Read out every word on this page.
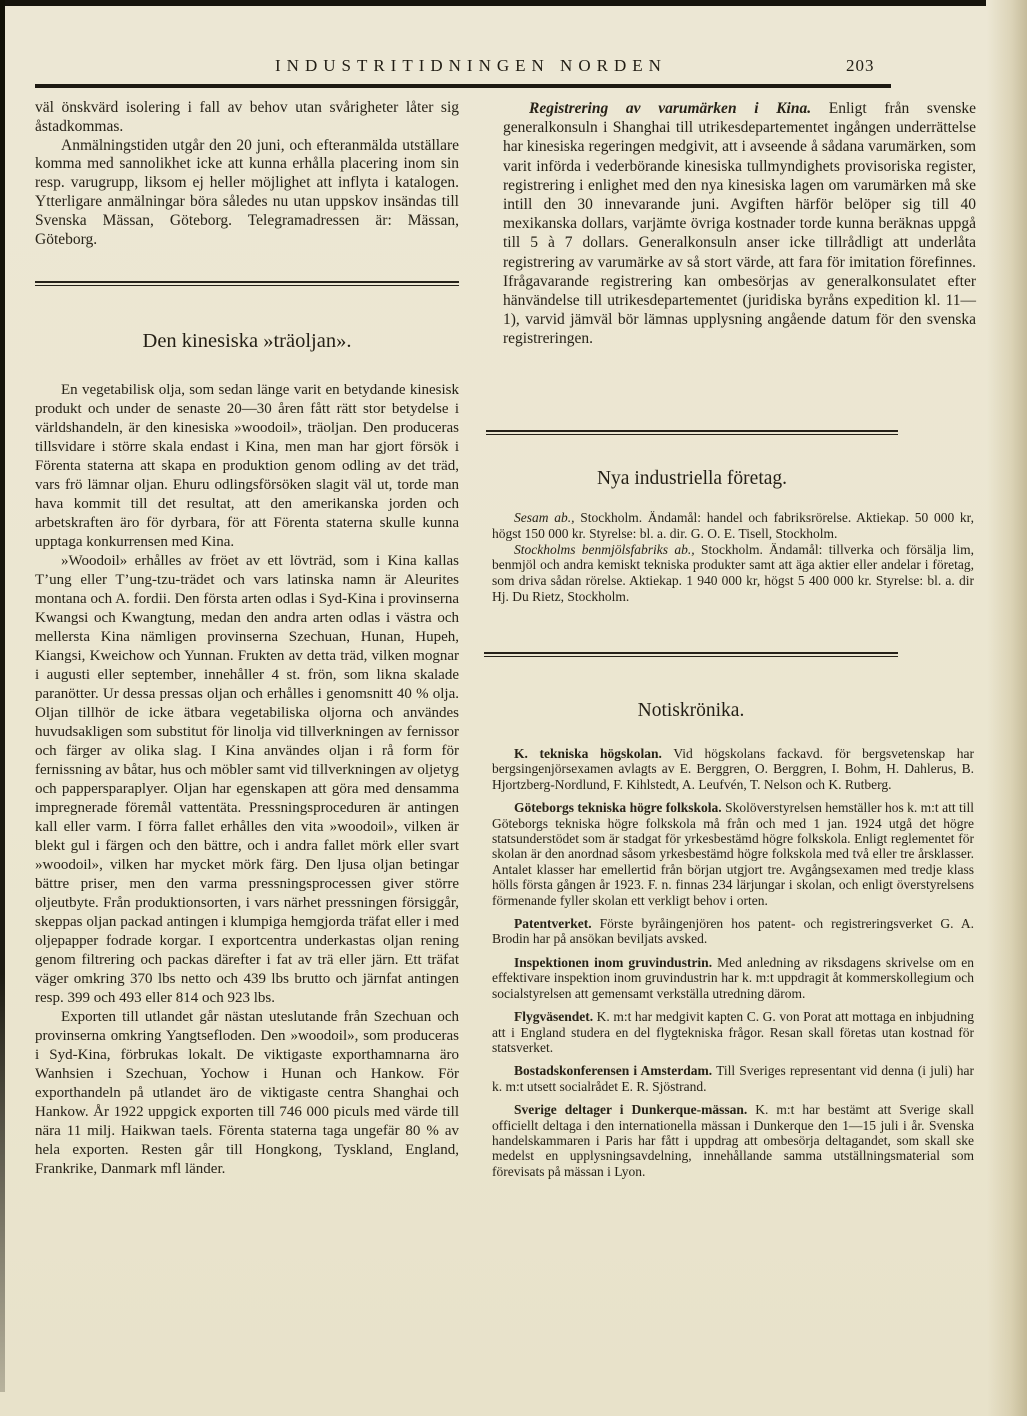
INDUSTRITIDNINGEN NORDEN	203

väl önskvärd isolering i fall av behov utan svårigheter låter sig åstadkommas.

Anmälningstiden utgår den 20 juni, och efteranmälda utställare komma med sannolikhet icke att kunna erhålla placering inom sin resp. varugrupp, liksom ej heller möjlighet att inflyta i katalogen. Ytterligare anmälningar böra således nu utan uppskov insändas till Svenska Mässan, Göteborg. Telegramadressen är: Mässan, Göteborg.

Den kinesiska »träoljan».

En vegetabilisk olja, som sedan länge varit en betydande kinesisk produkt och under de senaste 20—30 åren fått rätt stor betydelse i världshandeln, är den kinesiska »woodoil», träoljan. Den produceras tillsvidare i större skala endast i Kina, men man har gjort försök i Förenta staterna att skapa en produktion genom odling av det träd, vars frö lämnar oljan. Ehuru odlingsförsöken slagit väl ut, torde man hava kommit till det resultat, att den amerikanska jorden och arbetskraften äro för dyrbara, för att Förenta staterna skulle kunna upptaga konkurrensen med Kina.

»Woodoil» erhålles av fröet av ett lövträd, som i Kina kallas T’ung eller T’ung-tzu-trädet och vars latinska namn är Aleurites montana och A. fordii. Den första arten odlas i Syd-Kina i provinserna Kwangsi och Kwangtung, medan den andra arten odlas i västra och mellersta Kina nämligen provinserna Szechuan, Hunan, Hupeh, Kiangsi, Kweichow och Yunnan. Frukten av detta träd, vilken mognar i augusti eller september, innehåller 4 st. frön, som likna skalade paranötter. Ur dessa pressas oljan och erhålles i genomsnitt 40 % olja. Oljan tillhör de icke ätbara vegetabiliska oljorna och användes huvudsakligen som substitut för linolja vid tillverkningen av fernissor och färger av olika slag. I Kina användes oljan i rå form för fernissning av båtar, hus och möbler samt vid tillverkningen av oljetyg och pappersparaplyer. Oljan har egenskapen att göra med densamma impregnerade föremål vattentäta. Pressningsproceduren är antingen kall eller varm. I förra fallet erhålles den vita »woodoil», vilken är blekt gul i färgen och den bättre, och i andra fallet mörk eller svart »woodoil», vilken har mycket mörk färg. Den ljusa oljan betingar bättre priser, men den varma pressningsprocessen giver större oljeutbyte. Från produktionsorten, i vars närhet pressningen försiggår, skeppas oljan packad antingen i klumpiga hemgjorda träfat eller i med oljepapper fodrade korgar. I exportcentra underkastas oljan rening genom filtrering och packas därefter i fat av trä eller järn. Ett träfat väger omkring 370 lbs netto och 439 lbs brutto och järnfat antingen resp. 399 och 493 eller 814 och 923 lbs.

Exporten till utlandet går nästan uteslutande från Szechuan och provinserna omkring Yangtsefloden. Den »woodoil», som produceras i Syd-Kina, förbrukas lokalt. De viktigaste exporthamnarna äro Wanhsien i Szechuan, Yochow i Hunan och Hankow. För exporthandeln på utlandet äro de viktigaste centra Shanghai och Hankow. År 1922 uppgick exporten till 746 000 piculs med värde till nära 11 milj. Haikwan taels. Förenta staterna taga ungefär 80 % av hela exporten. Resten går till Hongkong, Tyskland, England, Frankrike, Danmark mfl länder.

Registrering av varumärken i Kina. Enligt från svenske generalkonsuln i Shanghai till utrikesdepartementet ingången underrättelse har kinesiska regeringen medgivit, att i avseende å sådana varumärken, som varit införda i vederbörande kinesiska tullmyndighets provisoriska register, registrering i enlighet med den nya kinesiska lagen om varumärken må ske intill den 30 innevarande juni. Avgiften härför belöper sig till 40 mexikanska dollars, varjämte övriga kostnader torde kunna beräknas uppgå till 5 à 7 dollars. Generalkonsuln anser icke tillrådligt att underlåta registrering av varumärke av så stort värde, att fara för imitation förefinnes. Ifrågavarande registrering kan ombesörjas av generalkonsulatet efter hänvändelse till utrikesdepartementet (juridiska byråns expedition kl. 11—1), varvid jämväl bör lämnas upplysning angående datum för den svenska registreringen.

Nya industriella företag.

Sesam ab., Stockholm. Ändamål: handel och fabriksrörelse. Aktiekap. 50 000 kr, högst 150 000 kr. Styrelse: bl. a. dir. G. O. E. Tisell, Stockholm.

Stockholms benmjölsfabriks ab., Stockholm. Ändamål: tillverka och försälja lim, benmjöl och andra kemiskt tekniska produkter samt att äga aktier eller andelar i företag, som driva sådan rörelse. Aktiekap. 1 940 000 kr, högst 5 400 000 kr. Styrelse: bl. a. dir Hj. Du Rietz, Stockholm.

Notiskrönika.

K. tekniska högskolan. Vid högskolans fackavd. för bergsvetenskap har bergsingenjörsexamen avlagts av E. Berggren, O. Berggren, I. Bohm, H. Dahlerus, B. Hjortzberg-Nordlund, F. Kihlstedt, A. Leufvén, T. Nelson och K. Rutberg.

Göteborgs tekniska högre folkskola. Skolöverstyrelsen hemställer hos k. m:t att till Göteborgs tekniska högre folkskola må från och med 1 jan. 1924 utgå det högre statsunderstödet som är stadgat för yrkesbestämd högre folkskola. Enligt reglementet för skolan är den anordnad såsom yrkesbestämd högre folkskola med två eller tre årsklasser. Antalet klasser har emellertid från början utgjort tre. Avgångsexamen med tredje klass hölls första gången år 1923. F. n. finnas 234 lärjungar i skolan, och enligt överstyrelsens förmenande fyller skolan ett verkligt behov i orten.

Patentverket. Förste byråingenjören hos patent- och registreringsverket G. A. Brodin har på ansökan beviljats avsked.

Inspektionen inom gruvindustrin. Med anledning av riksdagens skrivelse om en effektivare inspektion inom gruvindustrin har k. m:t uppdragit åt kommerskollegium och socialstyrelsen att gemensamt verkställa utredning därom.

Flygväsendet. K. m:t har medgivit kapten C. G. von Porat att mottaga en inbjudning att i England studera en del flygtekniska frågor. Resan skall företas utan kostnad för statsverket.

Bostadskonferensen i Amsterdam. Till Sveriges representant vid denna (i juli) har k. m:t utsett socialrådet E. R. Sjöstrand.

Sverige deltager i Dunkerque-mässan. K. m:t har bestämt att Sverige skall officiellt deltaga i den internationella mässan i Dunkerque den 1—15 juli i år. Svenska handelskammaren i Paris har fått i uppdrag att ombesörja deltagandet, som skall ske medelst en upplysningsavdelning, innehållande samma utställningsmaterial som förevisats på mässan i Lyon.
